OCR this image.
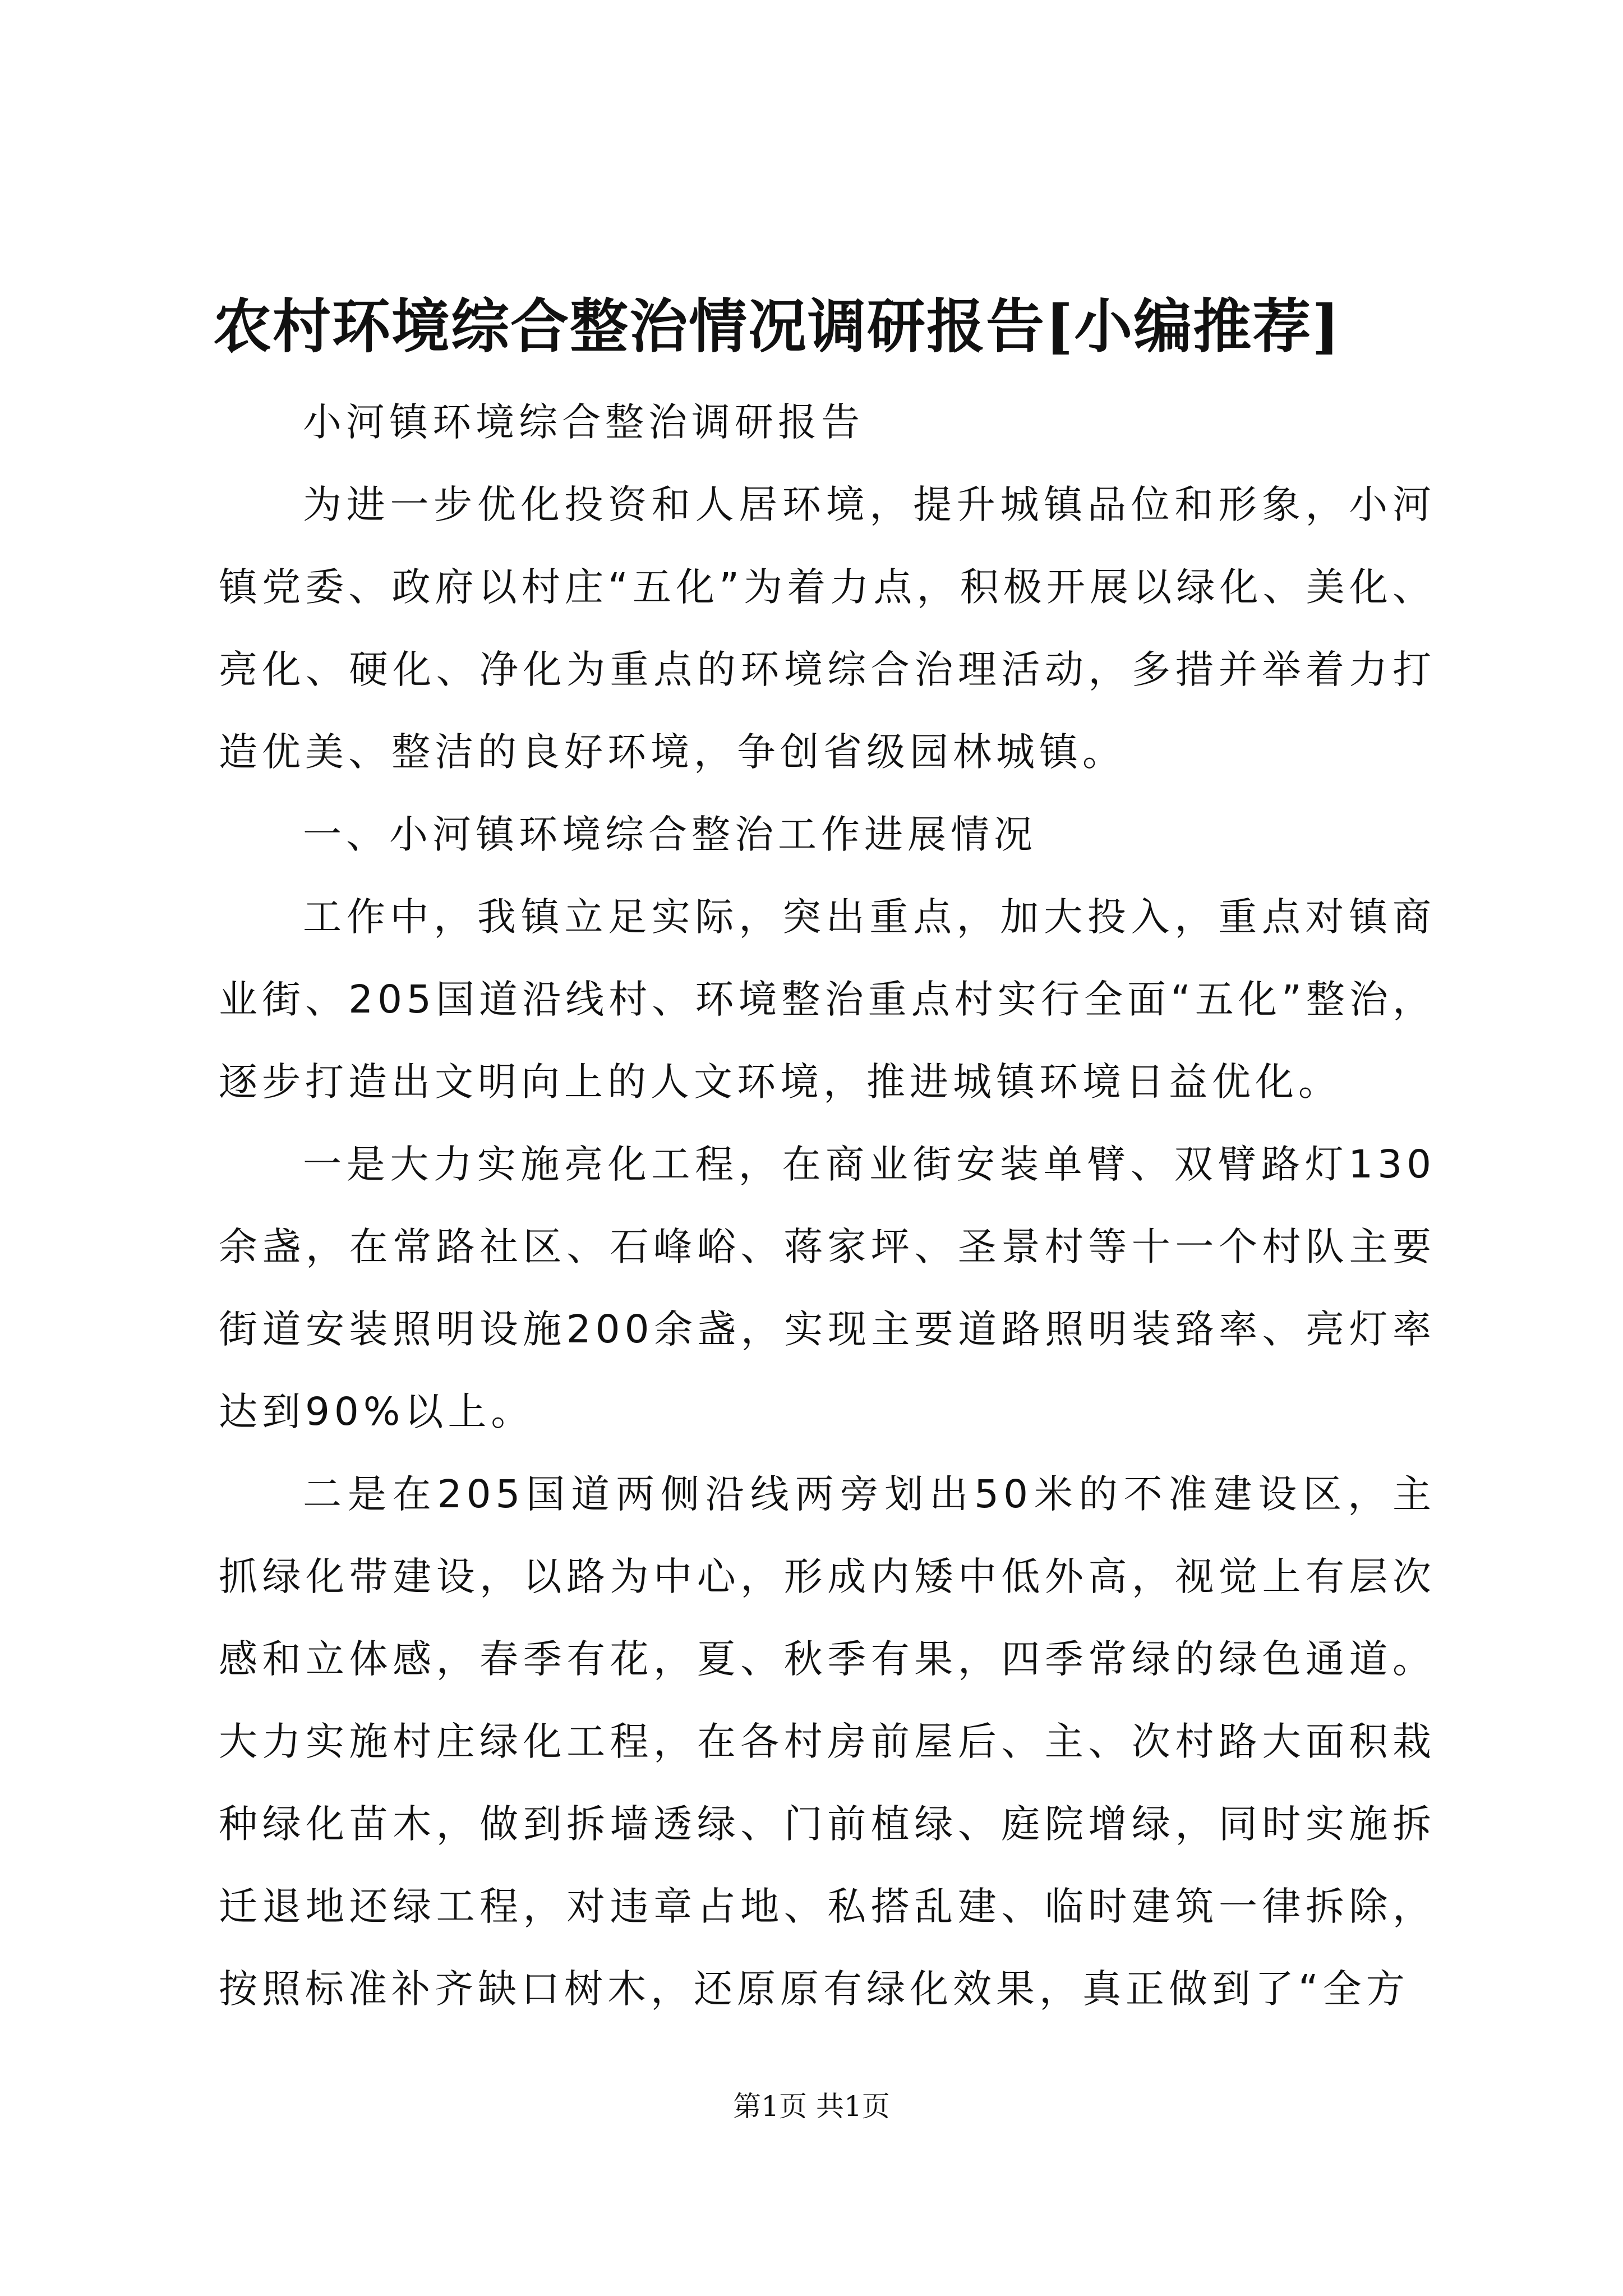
农村环境综合整治情况调研报告[小编推荐]

小河镇环境综合整治调研报告

为进一步优化投资和人居环境，提升城镇品位和形象，小河镇党委、政府以村庄“五化”为着力点，积极开展以绿化、美化、亮化、硬化、净化为重点的环境综合治理活动，多措并举着力打造优美、整洁的良好环境，争创省级园林城镇。

一、小河镇环境综合整治工作进展情况

工作中，我镇立足实际，突出重点，加大投入，重点对镇商业街、205国道沿线村、环境整治重点村实行全面“五化”整治，逐步打造出文明向上的人文环境，推进城镇环境日益优化。

一是大力实施亮化工程，在商业街安装单臂、双臂路灯130余盏，在常路社区、石峰峪、蒋家坪、圣景村等十一个村队主要街道安装照明设施200余盏，实现主要道路照明装臵率、亮灯率达到90%以上。

二是在205国道两侧沿线两旁划出50米的不准建设区，主抓绿化带建设，以路为中心，形成内矮中低外高，视觉上有层次感和立体感，春季有花，夏、秋季有果，四季常绿的绿色通道。大力实施村庄绿化工程，在各村房前屋后、主、次村路大面积栽种绿化苗木，做到拆墙透绿、门前植绿、庭院增绿，同时实施拆迁退地还绿工程，对违章占地、私搭乱建、临时建筑一律拆除，按照标准补齐缺口树木，还原原有绿化效果，真正做到了“全方

第1页 共1页
